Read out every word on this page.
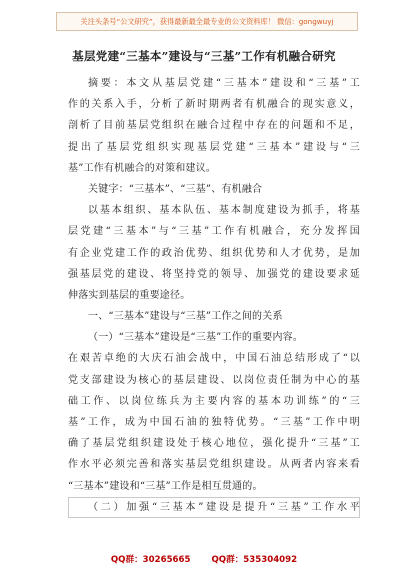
关注头条号“公文研究”，获得最新最全最专业的公文资料库！ 微信：gongwuyj
基层党建“三基本”建设与“三基”工作有机融合研究
摘要：本文从基层党建“三基本”建设和“三基”工
作的关系入手，分析了新时期两者有机融合的现实意义，
剖析了目前基层党组织在融合过程中存在的问题和不足，
提出了基层党组织实现基层党建“三基本”建设与“三
基”工作有机融合的对策和建议。
关键字：“三基本”、“三基”、有机融合
以基本组织、基本队伍、基本制度建设为抓手，将基
层党建“三基本”与“三基”工作有机融合，充分发挥国
有企业党建工作的政治优势、组织优势和人才优势，是加
强基层党的建设、将坚持党的领导、加强党的建设要求延
伸落实到基层的重要途径。
一、“三基本”建设与“三基”工作之间的关系
（一）“三基本”建设是“三基”工作的重要内容。
在艰苦卓绝的大庆石油会战中，中国石油总结形成了“以
党支部建设为核心的基层建设、以岗位责任制为中心的基
础工作、以岗位练兵为主要内容的基本功训练”的“三
基”工作，成为中国石油的独特优势。“三基”工作中明
确了基层党组织建设处于核心地位，强化提升“三基”工
作水平必须完善和落实基层党组织建设。从两者内容来看
“三基本”建设和“三基”工作是相互贯通的。
（二）加强“三基本”建设是提升“三基”工作水平
QQ群：30265665 QQ群：535304092
